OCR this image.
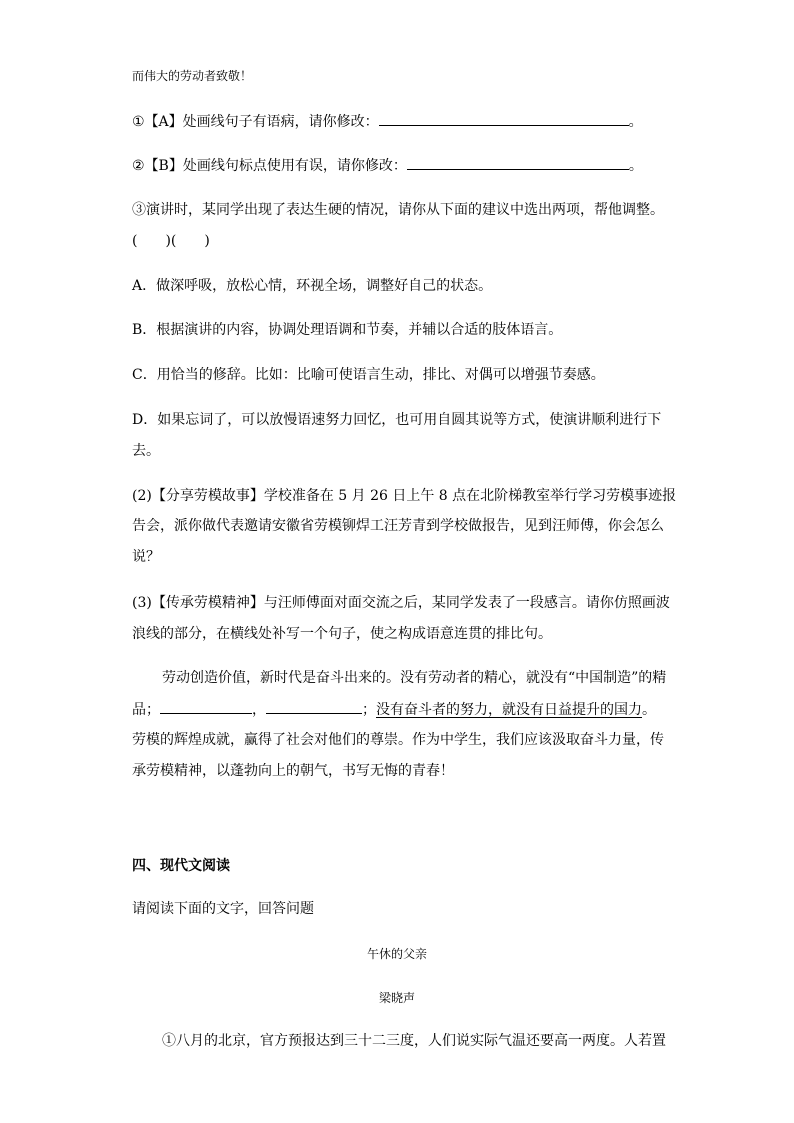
而伟大的劳动者致敬！
①【A】处画线句子有语病，请你修改：	。
②【B】处画线句标点使用有误，请你修改：	。
③演讲时，某同学出现了表达生硬的情况，请你从下面的建议中选出两项，帮他调整。
(　　)(　　)
A．做深呼吸，放松心情，环视全场，调整好自己的状态。
B．根据演讲的内容，协调处理语调和节奏，并辅以合适的肢体语言。
C．用恰当的修辞。比如：比喻可使语言生动，排比、对偶可以增强节奏感。
D．如果忘词了，可以放慢语速努力回忆，也可用自圆其说等方式，使演讲顺利进行下
去。
(2)【分享劳模故事】学校准备在 5 月 26 日上午 8 点在北阶梯教室举行学习劳模事迹报
告会，派你做代表邀请安徽省劳模铆焊工汪芳青到学校做报告，见到汪师傅，你会怎么
说？
(3)【传承劳模精神】与汪师傅面对面交流之后，某同学发表了一段感言。请你仿照画波
浪线的部分，在横线处补写一个句子，使之构成语意连贯的排比句。
劳动创造价值，新时代是奋斗出来的。没有劳动者的精心，就没有“中国制造”的精
品；	，	；没有奋斗者的努力，就没有日益提升的国力。
劳模的辉煌成就，赢得了社会对他们的尊崇。作为中学生，我们应该汲取奋斗力量，传
承劳模精神，以蓬勃向上的朝气，书写无悔的青春！
四、现代文阅读
请阅读下面的文字，回答问题
午休的父亲
梁晓声
①八月的北京，官方预报达到三十二三度，人们说实际气温还要高一两度。人若置
